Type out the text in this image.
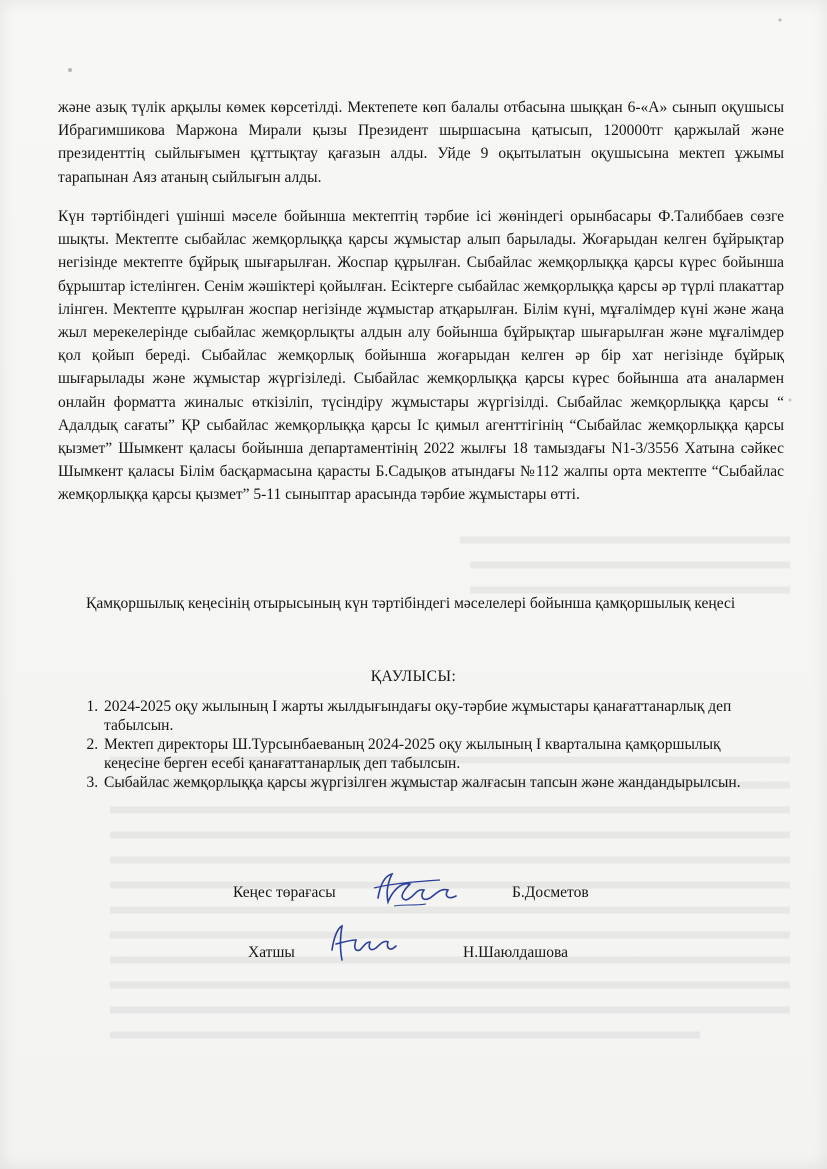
және азық түлік арқылы көмек көрсетілді. Мектепете көп балалы отбасына шыққан 6-«А» сынып оқушысы Ибрагимшикова Маржона Мирали қызы Президент шыршасына қатысып, 120000тг қаржылай және президенттің сыйлығымен құттықтау қағазын алды. Уйде 9 оқытылатын оқушысына мектеп ұжымы тарапынан Аяз атаның сыйлығын алды.
Күн тәртібіндегі үшінші мәселе бойынша мектептің тәрбие ісі жөніндегі орынбасары Ф.Талиббаев сөзге шықты. Мектепте сыбайлас жемқорлыққа қарсы жұмыстар алып барылады. Жоғарыдан келген бұйрықтар негізінде мектепте бұйрық шығарылған. Жоспар құрылған. Сыбайлас жемқорлыққа қарсы күрес бойынша бұрыштар істелінген. Сенім жәшіктері қойылған. Есіктерге сыбайлас жемқорлыққа қарсы әр түрлі плакаттар ілінген. Мектепте құрылған жоспар негізінде жұмыстар атқарылған. Білім күні, мұғалімдер күні және жаңа жыл мерекелерінде сыбайлас жемқорлықты алдын алу бойынша бұйрықтар шығарылған және мұғалімдер қол қойып береді. Сыбайлас жемқорлық бойынша жоғарыдан келген әр бір хат негізінде бұйрық шығарылады және жұмыстар жүргізіледі. Сыбайлас жемқорлыққа қарсы күрес бойынша ата аналармен онлайн форматта жиналыс өткізіліп, түсіндіру жұмыстары жүргізілді. Сыбайлас жемқорлыққа қарсы “ Адалдық сағаты” ҚР сыбайлас жемқорлыққа қарсы Іс қимыл агенттігінің “Сыбайлас жемқорлыққа қарсы қызмет” Шымкент қаласы бойынша департаментінің 2022 жылғы 18 тамыздағы N1-3/3556 Хатына сәйкес Шымкент қаласы Білім басқармасына қарасты Б.Садықов атындағы №112 жалпы орта мектепте “Сыбайлас жемқорлыққа қарсы қызмет” 5-11 сыныптар арасында тәрбие жұмыстары өтті.
Қамқоршылық кеңесінің отырысының күн тәртібіндегі мәселелері бойынша қамқоршылық кеңесі
ҚАУЛЫСЫ:
1. 2024-2025 оқу жылының І жарты жылдығындағы оқу-тәрбие жұмыстары қанағаттанарлық деп табылсын.
2. Мектеп директоры Ш.Турсынбаеваның 2024-2025 оқу жылының І кварталына қамқоршылық кеңесіне берген есебі қанағаттанарлық деп табылсын.
3. Сыбайлас жемқорлыққа қарсы жүргізілген жұмыстар жалғасын тапсын және жандандырылсын.
Кеңес төрағасы	Б.Досметов
Хатшы	Н.Шаюлдашова
